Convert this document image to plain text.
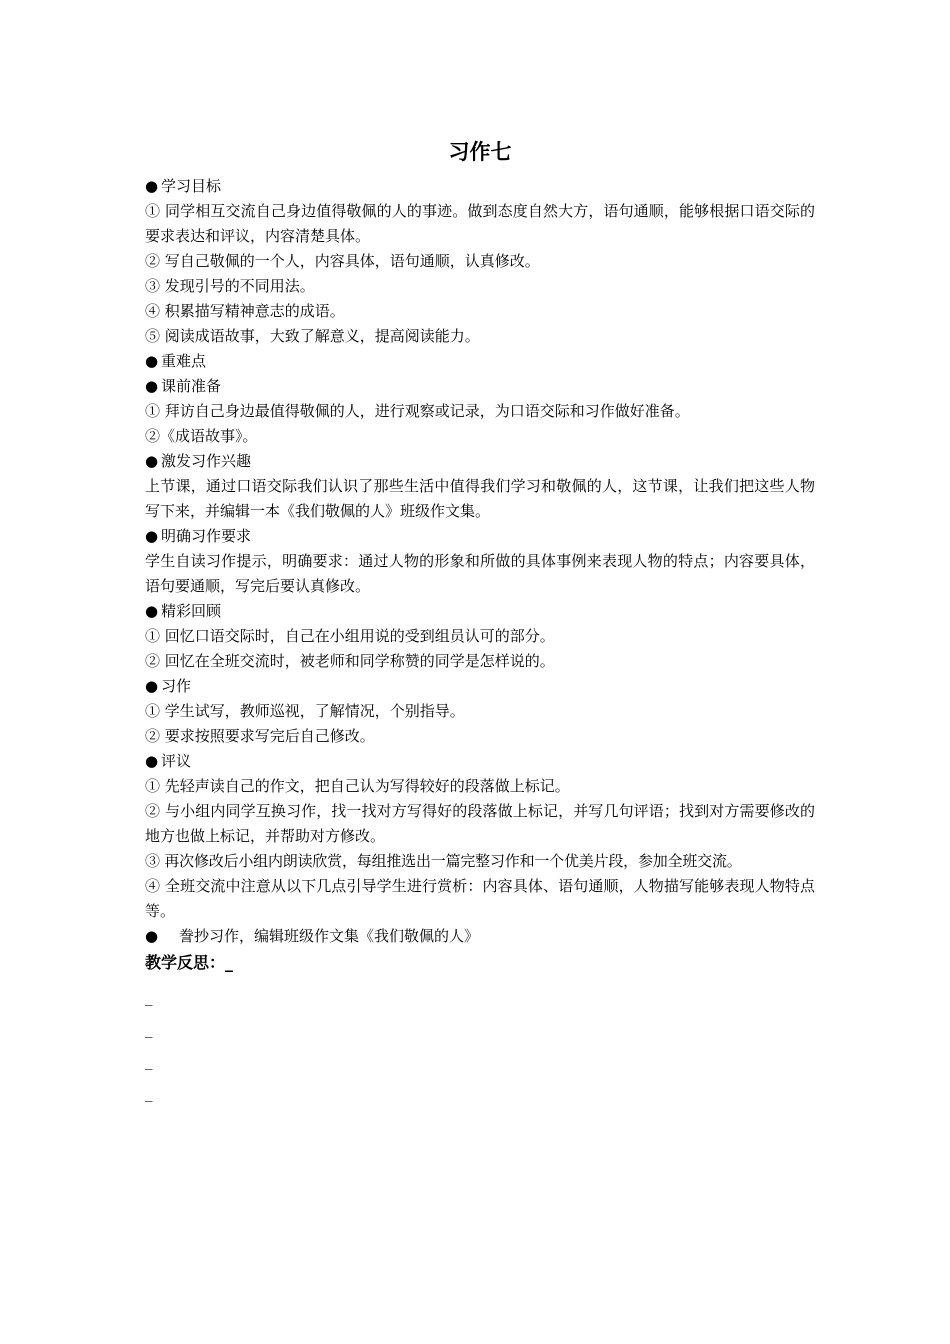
习作七
● 学习目标
① 同学相互交流自己身边值得敬佩的人的事迹。做到态度自然大方，语句通顺，能够根据口语交际的要求表达和评议，内容清楚具体。
② 写自己敬佩的一个人，内容具体，语句通顺，认真修改。
③ 发现引号的不同用法。
④ 积累描写精神意志的成语。
⑤ 阅读成语故事，大致了解意义，提高阅读能力。
● 重难点
● 课前准备
① 拜访自己身边最值得敬佩的人，进行观察或记录，为口语交际和习作做好准备。
②《成语故事》。
● 激发习作兴趣
上节课，通过口语交际我们认识了那些生活中值得我们学习和敬佩的人，这节课，让我们把这些人物写下来，并编辑一本《我们敬佩的人》班级作文集。
● 明确习作要求
学生自读习作提示，明确要求：通过人物的形象和所做的具体事例来表现人物的特点；内容要具体，语句要通顺，写完后要认真修改。
● 精彩回顾
① 回忆口语交际时，自己在小组用说的受到组员认可的部分。
② 回忆在全班交流时，被老师和同学称赞的同学是怎样说的。
● 习作
① 学生试写，教师巡视，了解情况，个别指导。
② 要求按照要求写完后自己修改。
● 评议
① 先轻声读自己的作文，把自己认为写得较好的段落做上标记。
② 与小组内同学互换习作，找一找对方写得好的段落做上标记，并写几句评语；找到对方需要修改的地方也做上标记，并帮助对方修改。
③ 再次修改后小组内朗读欣赏，每组推选出一篇完整习作和一个优美片段，参加全班交流。
④ 全班交流中注意从以下几点引导学生进行赏析：内容具体、语句通顺，人物描写能够表现人物特点等。
● 誊抄习作，编辑班级作文集《我们敬佩的人》
教学反思：_
_
_
_
_
